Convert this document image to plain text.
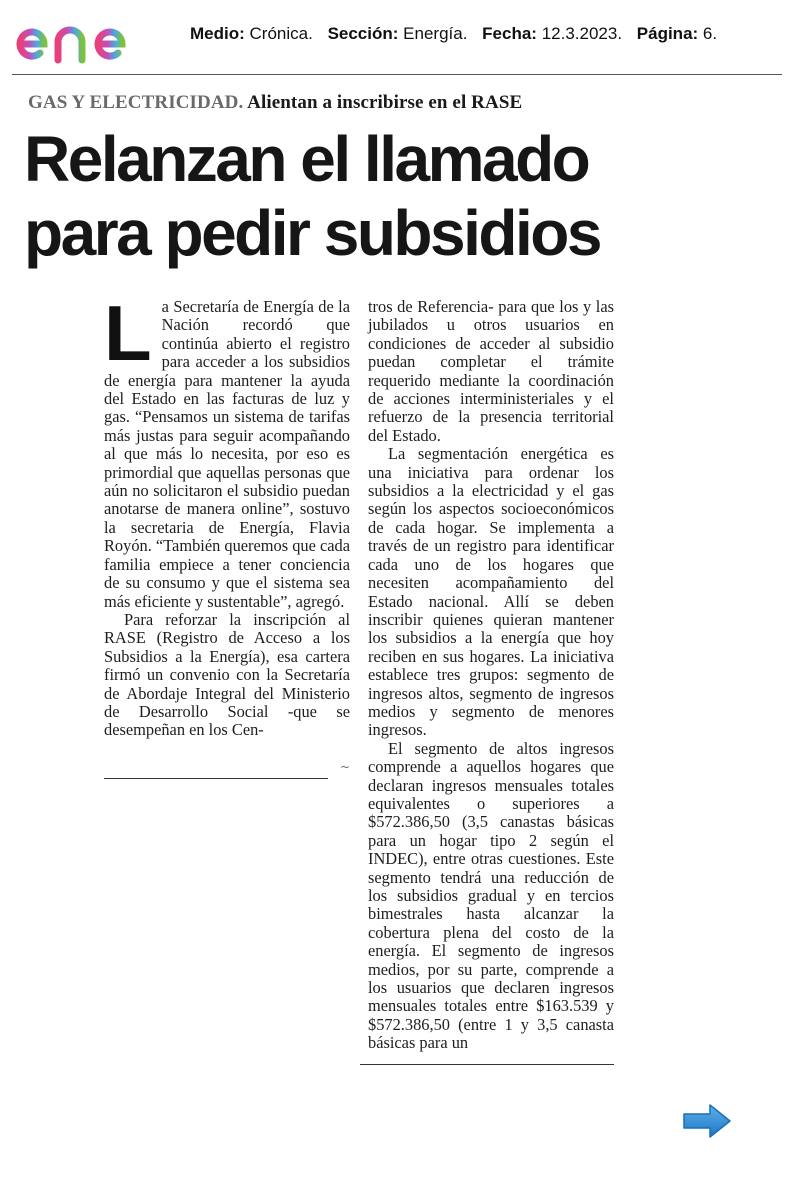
Medio: Crónica. Sección: Energía. Fecha: 12.3.2023. Página: 6.
GAS Y ELECTRICIDAD. Alientan a inscribirse en el RASE
Relanzan el llamado
para pedir subsidios

La Secretaría de Energía de la Nación recordó que continúa abierto el registro para acceder a los subsidios de energía para mantener la ayuda del Estado en las facturas de luz y gas. “Pensamos un sistema de tarifas más justas para seguir acompañando al que más lo necesita, por eso es primordial que aquellas personas que aún no solicitaron el subsidio puedan anotarse de manera online”, sostuvo la secretaria de Energía, Flavia Royón. “También queremos que cada familia empiece a tener conciencia de su consumo y que el sistema sea más eficiente y sustentable”, agregó.

Para reforzar la inscripción al RASE (Registro de Acceso a los Subsidios a la Energía), esa cartera firmó un convenio con la Secretaría de Abordaje Integral del Ministerio de Desarrollo Social -que se desempeñan en los Cen-

~

tros de Referencia- para que los y las jubilados u otros usuarios en condiciones de acceder al subsidio puedan completar el trámite requerido mediante la coordinación de acciones interministeriales y el refuerzo de la presencia territorial del Estado.

La segmentación energética es una iniciativa para ordenar los subsidios a la electricidad y el gas según los aspectos socioeconómicos de cada hogar. Se implementa a través de un registro para identificar cada uno de los hogares que necesiten acompañamiento del Estado nacional. Allí se deben inscribir quienes quieran mantener los subsidios a la energía que hoy reciben en sus hogares. La iniciativa establece tres grupos: segmento de ingresos altos, segmento de ingresos medios y segmento de menores ingresos.

El segmento de altos ingresos comprende a aquellos hogares que declaran ingresos mensuales totales equivalentes o superiores a $572.386,50 (3,5 canastas básicas para un hogar tipo 2 según el INDEC), entre otras cuestiones. Este segmento tendrá una reducción de los subsidios gradual y en tercios bimestrales hasta alcanzar la cobertura plena del costo de la energía. El segmento de ingresos medios, por su parte, comprende a los usuarios que declaren ingresos mensuales totales entre $163.539 y $572.386,50 (entre 1 y 3,5 canasta básicas para un
